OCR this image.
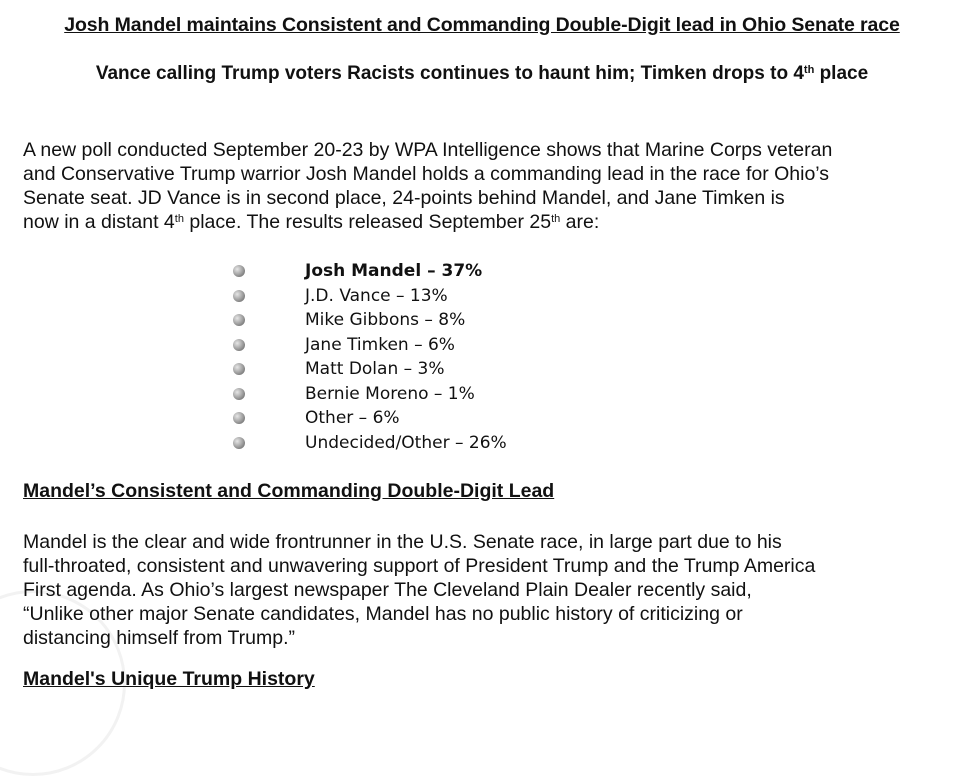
Josh Mandel maintains Consistent and Commanding Double-Digit lead in Ohio Senate race
Vance calling Trump voters Racists continues to haunt him; Timken drops to 4th place
A new poll conducted September 20-23 by WPA Intelligence shows that Marine Corps veteran
and Conservative Trump warrior Josh Mandel holds a commanding lead in the race for Ohio’s
Senate seat. JD Vance is in second place, 24-points behind Mandel, and Jane Timken is
now in a distant 4th place. The results released September 25th are:
Josh Mandel – 37%
J.D. Vance – 13%
Mike Gibbons – 8%
Jane Timken – 6%
Matt Dolan – 3%
Bernie Moreno – 1%
Other – 6%
Undecided/Other – 26%
Mandel’s Consistent and Commanding Double-Digit Lead
Mandel is the clear and wide frontrunner in the U.S. Senate race, in large part due to his
full-throated, consistent and unwavering support of President Trump and the Trump America
First agenda. As Ohio’s largest newspaper The Cleveland Plain Dealer recently said,
“Unlike other major Senate candidates, Mandel has no public history of criticizing or
distancing himself from Trump.”
Mandel's Unique Trump History
